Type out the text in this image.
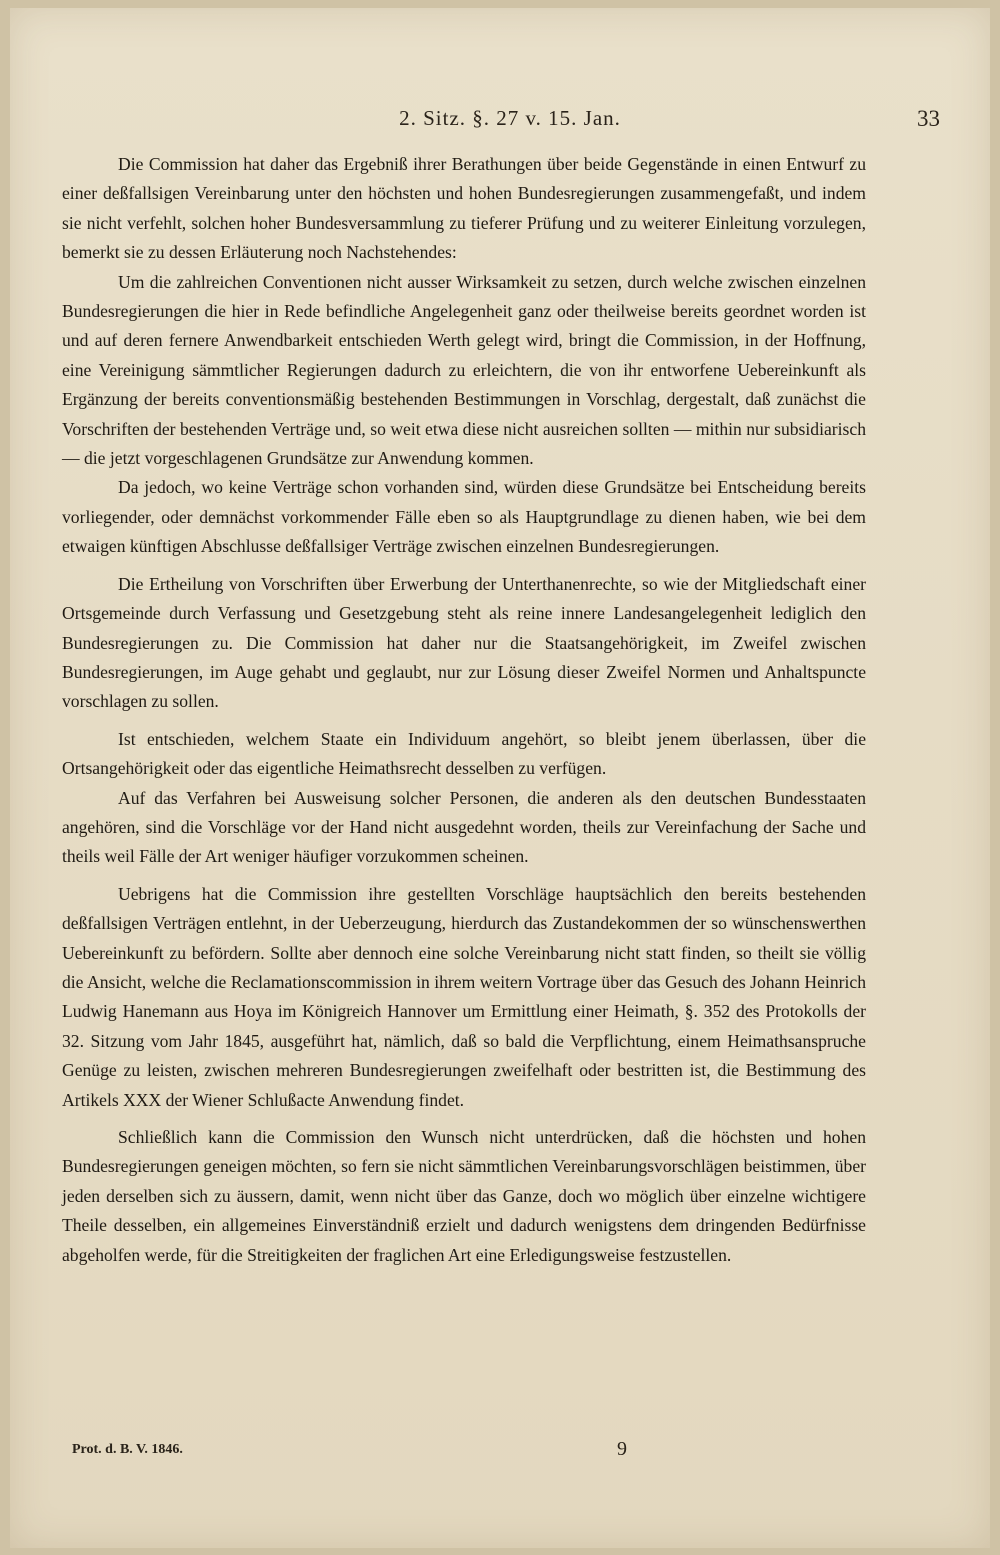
2. Sitz. §. 27 v. 15. Jan.	33

Die Commission hat daher das Ergebniß ihrer Berathungen über beide Gegenstände in einen Entwurf zu einer deßfallsigen Vereinbarung unter den höchsten und hohen Bundesregierungen zusammengefaßt, und indem sie nicht verfehlt, solchen hoher Bundesversammlung zu tieferer Prüfung und zu weiterer Einleitung vorzulegen, bemerkt sie zu dessen Erläuterung noch Nachstehendes:

Um die zahlreichen Conventionen nicht ausser Wirksamkeit zu setzen, durch welche zwischen einzelnen Bundesregierungen die hier in Rede befindliche Angelegenheit ganz oder theilweise bereits geordnet worden ist und auf deren fernere Anwendbarkeit entschieden Werth gelegt wird, bringt die Commission, in der Hoffnung, eine Vereinigung sämmtlicher Regierungen dadurch zu erleichtern, die von ihr entworfene Uebereinkunft als Ergänzung der bereits conventionsmäßig bestehenden Bestimmungen in Vorschlag, dergestalt, daß zunächst die Vorschriften der bestehenden Verträge und, so weit etwa diese nicht ausreichen sollten — mithin nur subsidiarisch — die jetzt vorgeschlagenen Grundsätze zur Anwendung kommen.

Da jedoch, wo keine Verträge schon vorhanden sind, würden diese Grundsätze bei Entscheidung bereits vorliegender, oder demnächst vorkommender Fälle eben so als Hauptgrundlage zu dienen haben, wie bei dem etwaigen künftigen Abschlusse deßfallsiger Verträge zwischen einzelnen Bundesregierungen.

Die Ertheilung von Vorschriften über Erwerbung der Unterthanenrechte, so wie der Mitgliedschaft einer Ortsgemeinde durch Verfassung und Gesetzgebung steht als reine innere Landesangelegenheit lediglich den Bundesregierungen zu. Die Commission hat daher nur die Staatsangehörigkeit, im Zweifel zwischen Bundesregierungen, im Auge gehabt und geglaubt, nur zur Lösung dieser Zweifel Normen und Anhaltspuncte vorschlagen zu sollen.

Ist entschieden, welchem Staate ein Individuum angehört, so bleibt jenem überlassen, über die Ortsangehörigkeit oder das eigentliche Heimathsrecht desselben zu verfügen.

Auf das Verfahren bei Ausweisung solcher Personen, die anderen als den deutschen Bundesstaaten angehören, sind die Vorschläge vor der Hand nicht ausgedehnt worden, theils zur Vereinfachung der Sache und theils weil Fälle der Art weniger häufiger vorzukommen scheinen.

Uebrigens hat die Commission ihre gestellten Vorschläge hauptsächlich den bereits bestehenden deßfallsigen Verträgen entlehnt, in der Ueberzeugung, hierdurch das Zustandekommen der so wünschenswerthen Uebereinkunft zu befördern. Sollte aber dennoch eine solche Vereinbarung nicht statt finden, so theilt sie völlig die Ansicht, welche die Reclamationscommission in ihrem weitern Vortrage über das Gesuch des Johann Heinrich Ludwig Hanemann aus Hoya im Königreich Hannover um Ermittlung einer Heimath, §. 352 des Protokolls der 32. Sitzung vom Jahr 1845, ausgeführt hat, nämlich, daß so bald die Verpflichtung, einem Heimathsanspruche Genüge zu leisten, zwischen mehreren Bundesregierungen zweifelhaft oder bestritten ist, die Bestimmung des Artikels XXX der Wiener Schlußacte Anwendung findet.

Schließlich kann die Commission den Wunsch nicht unterdrücken, daß die höchsten und hohen Bundesregierungen geneigen möchten, so fern sie nicht sämmtlichen Vereinbarungsvorschlägen beistimmen, über jeden derselben sich zu äussern, damit, wenn nicht über das Ganze, doch wo möglich über einzelne wichtigere Theile desselben, ein allgemeines Einverständniß erzielt und dadurch wenigstens dem dringenden Bedürfnisse abgeholfen werde, für die Streitigkeiten der fraglichen Art eine Erledigungsweise festzustellen.

Prot. d. B. V. 1846.	9
